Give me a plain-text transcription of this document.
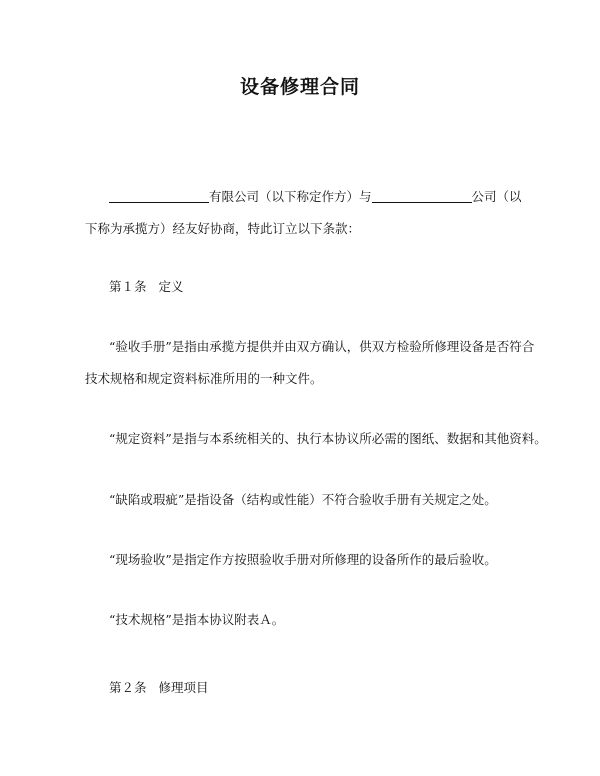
设备修理合同
有限公司（以下称定作方）与	公司（以
下称为承揽方）经友好协商，特此订立以下条款：
第１条 定义
“验收手册”是指由承揽方提供并由双方确认，供双方检验所修理设备是否符合
技术规格和规定资料标准所用的一种文件。
“规定资料”是指与本系统相关的、执行本协议所必需的图纸、数据和其他资料。
“缺陷或瑕疵”是指设备（结构或性能）不符合验收手册有关规定之处。
“现场验收”是指定作方按照验收手册对所修理的设备所作的最后验收。
“技术规格”是指本协议附表Ａ。
第２条 修理项目
